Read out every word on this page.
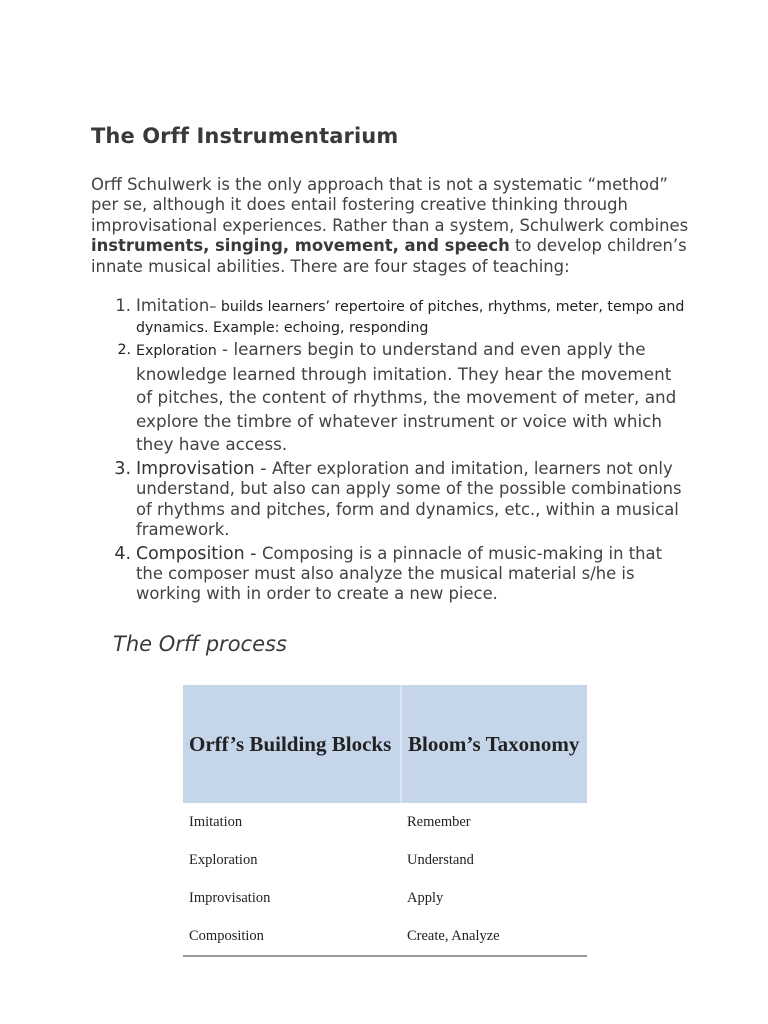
The Orff Instrumentarium

Orff Schulwerk is the only approach that is not a systematic “method” per se, although it does entail fostering creative thinking through improvisational experiences. Rather than a system, Schulwerk combines instruments, singing, movement, and speech to develop children’s innate musical abilities. There are four stages of teaching:

1. Imitation– builds learners’ repertoire of pitches, rhythms, meter, tempo and dynamics. Example: echoing, responding
2. Exploration - learners begin to understand and even apply the knowledge learned through imitation. They hear the movement of pitches, the content of rhythms, the movement of meter, and explore the timbre of whatever instrument or voice with which they have access.
3. Improvisation - After exploration and imitation, learners not only understand, but also can apply some of the possible combinations of rhythms and pitches, form and dynamics, etc., within a musical framework.
4. Composition - Composing is a pinnacle of music-making in that the composer must also analyze the musical material s/he is working with in order to create a new piece.
The Orff process
Orff’s Building Blocks	Bloom’s Taxonomy
Imitation	Remember
Exploration	Understand
Improvisation	Apply
Composition	Create, Analyze
